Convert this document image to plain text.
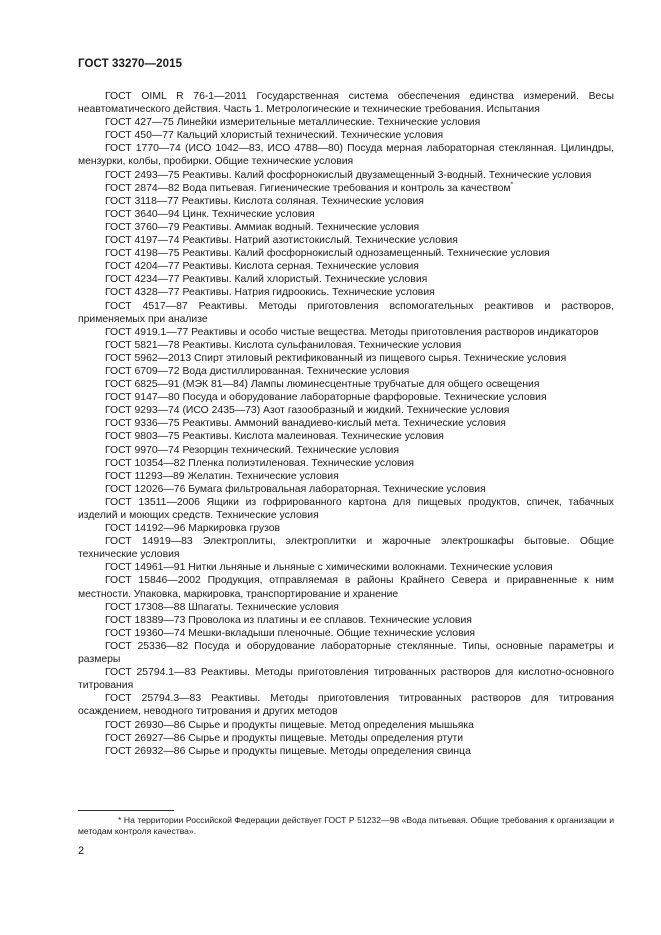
ГОСТ 33270—2015

ГОСТ OIML R 76-1—2011 Государственная система обеспечения единства измерений. Весы неавтоматического действия. Часть 1. Метрологические и технические требования. Испытания

ГОСТ 427—75 Линейки измерительные металлические. Технические условия

ГОСТ 450—77 Кальций хлористый технический. Технические условия

ГОСТ 1770—74 (ИСО 1042—83, ИСО 4788—80) Посуда мерная лабораторная стеклянная. Цилиндры, мензурки, колбы, пробирки. Общие технические условия

ГОСТ 2493—75 Реактивы. Калий фосфорнокислый двузамещенный 3-водный. Технические условия

ГОСТ 2874—82 Вода питьевая. Гигиенические требования и контроль за качеством*

ГОСТ 3118—77 Реактивы. Кислота соляная. Технические условия

ГОСТ 3640—94 Цинк. Технические условия

ГОСТ 3760—79 Реактивы. Аммиак водный. Технические условия

ГОСТ 4197—74 Реактивы. Натрий азотистокислый. Технические условия

ГОСТ 4198—75 Реактивы. Калий фосфорнокислый однозамещенный. Технические условия

ГОСТ 4204—77 Реактивы. Кислота серная. Технические условия

ГОСТ 4234—77 Реактивы. Калий хлористый. Технические условия

ГОСТ 4328—77 Реактивы. Натрия гидроокись. Технические условия

ГОСТ 4517—87 Реактивы. Методы приготовления вспомогательных реактивов и растворов, применяемых при анализе

ГОСТ 4919.1—77 Реактивы и особо чистые вещества. Методы приготовления растворов индикаторов

ГОСТ 5821—78 Реактивы. Кислота сульфаниловая. Технические условия

ГОСТ 5962—2013 Спирт этиловый ректификованный из пищевого сырья. Технические условия

ГОСТ 6709—72 Вода дистиллированная. Технические условия

ГОСТ 6825—91 (МЭК 81—84) Лампы люминесцентные трубчатые для общего освещения

ГОСТ 9147—80 Посуда и оборудование лабораторные фарфоровые. Технические условия

ГОСТ 9293—74 (ИСО 2435—73) Азот газообразный и жидкий. Технические условия

ГОСТ 9336—75 Реактивы. Аммоний ванадиево-кислый мета. Технические условия

ГОСТ 9803—75 Реактивы. Кислота малеиновая. Технические условия

ГОСТ 9970—74 Резорцин технический. Технические условия

ГОСТ 10354—82 Пленка полиэтиленовая. Технические условия

ГОСТ 11293—89 Желатин. Технические условия

ГОСТ 12026—76 Бумага фильтровальная лабораторная. Технические условия

ГОСТ 13511—2006 Ящики из гофрированного картона для пищевых продуктов, спичек, табачных изделий и моющих средств. Технические условия

ГОСТ 14192—96 Маркировка грузов

ГОСТ 14919—83 Электроплиты, электроплитки и жарочные электрошкафы бытовые. Общие технические условия

ГОСТ 14961—91 Нитки льняные и льняные с химическими волокнами. Технические условия

ГОСТ 15846—2002 Продукция, отправляемая в районы Крайнего Севера и приравненные к ним местности. Упаковка, маркировка, транспортирование и хранение

ГОСТ 17308—88 Шпагаты. Технические условия

ГОСТ 18389—73 Проволока из платины и ее сплавов. Технические условия

ГОСТ 19360—74 Мешки-вкладыши пленочные. Общие технические условия

ГОСТ 25336—82 Посуда и оборудование лабораторные стеклянные. Типы, основные параметры и размеры

ГОСТ 25794.1—83 Реактивы. Методы приготовления титрованных растворов для кислотно-основного титрования

ГОСТ 25794.3—83 Реактивы. Методы приготовления титрованных растворов для титрования осаждением, неводного титрования и других методов

ГОСТ 26930—86 Сырье и продукты пищевые. Метод определения мышьяка

ГОСТ 26927—86 Сырье и продукты пищевые. Методы определения ртути

ГОСТ 26932—86 Сырье и продукты пищевые. Методы определения свинца

* На территории Российской Федерации действует ГОСТ Р 51232—98 «Вода питьевая. Общие требования к организации и методам контроля качества».

2
